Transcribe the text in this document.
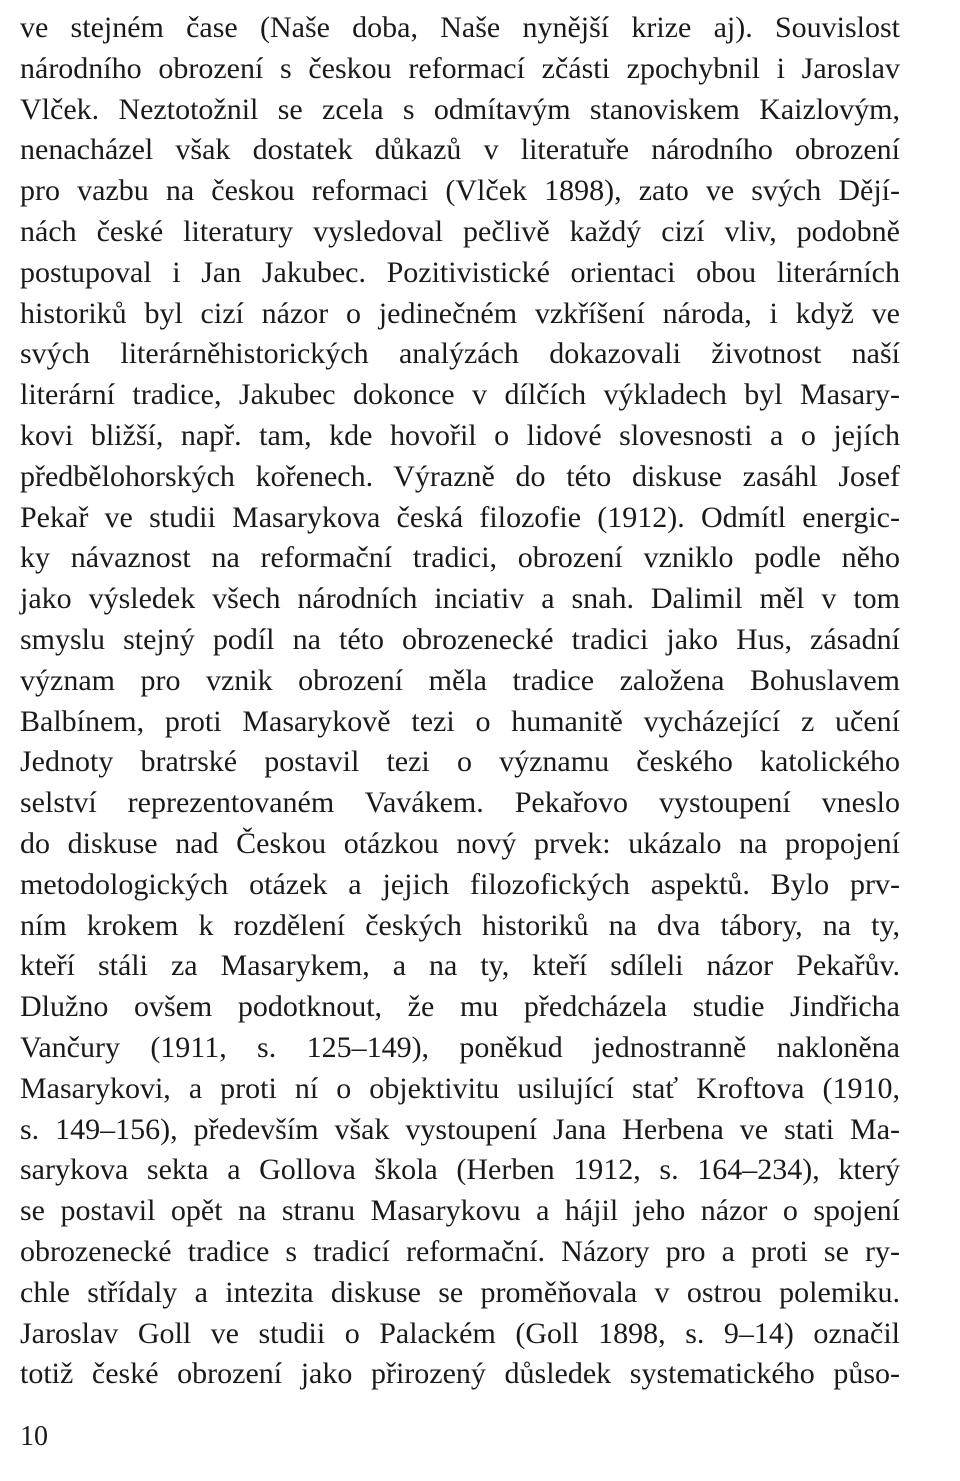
ve stejném čase (Naše doba, Naše nynější krize aj). Souvislost
národního obrození s českou reformací zčásti zpochybnil i Jaroslav
Vlček. Neztotožnil se zcela s odmítavým stanoviskem Kaizlovým,
nenacházel však dostatek důkazů v literatuře národního obrození
pro vazbu na českou reformaci (Vlček 1898), zato ve svých Dějí-
nách české literatury vysledoval pečlivě každý cizí vliv, podobně
postupoval i Jan Jakubec. Pozitivistické orientaci obou literárních
historiků byl cizí názor o jedinečném vzkříšení národa, i když ve
svých literárněhistorických analýzách dokazovali životnost naší
literární tradice, Jakubec dokonce v dílčích výkladech byl Masary-
kovi bližší, např. tam, kde hovořil o lidové slovesnosti a o jejích
předbělohorských kořenech. Výrazně do této diskuse zasáhl Josef
Pekař ve studii Masarykova česká filozofie (1912). Odmítl energic-
ky návaznost na reformační tradici, obrození vzniklo podle něho
jako výsledek všech národních inciativ a snah. Dalimil měl v tom
smyslu stejný podíl na této obrozenecké tradici jako Hus, zásadní
význam pro vznik obrození měla tradice založena Bohuslavem
Balbínem, proti Masarykově tezi o humanitě vycházející z učení
Jednoty bratrské postavil tezi o významu českého katolického
selství reprezentovaném Vavákem. Pekařovo vystoupení vneslo
do diskuse nad Českou otázkou nový prvek: ukázalo na propojení
metodologických otázek a jejich filozofických aspektů. Bylo prv-
ním krokem k rozdělení českých historiků na dva tábory, na ty,
kteří stáli za Masarykem, a na ty, kteří sdíleli názor Pekařův.
Dlužno ovšem podotknout, že mu předcházela studie Jindřicha
Vančury (1911, s. 125–149), poněkud jednostranně nakloněna
Masarykovi, a proti ní o objektivitu usilující stať Kroftova (1910,
s. 149–156), především však vystoupení Jana Herbena ve stati Ma-
sarykova sekta a Gollova škola (Herben 1912, s. 164–234), který
se postavil opět na stranu Masarykovu a hájil jeho názor o spojení
obrozenecké tradice s tradicí reformační. Názory pro a proti se ry-
chle střídaly a intezita diskuse se proměňovala v ostrou polemiku.
Jaroslav Goll ve studii o Palackém (Goll 1898, s. 9–14) označil
totiž české obrození jako přirozený důsledek systematického půso-
10
